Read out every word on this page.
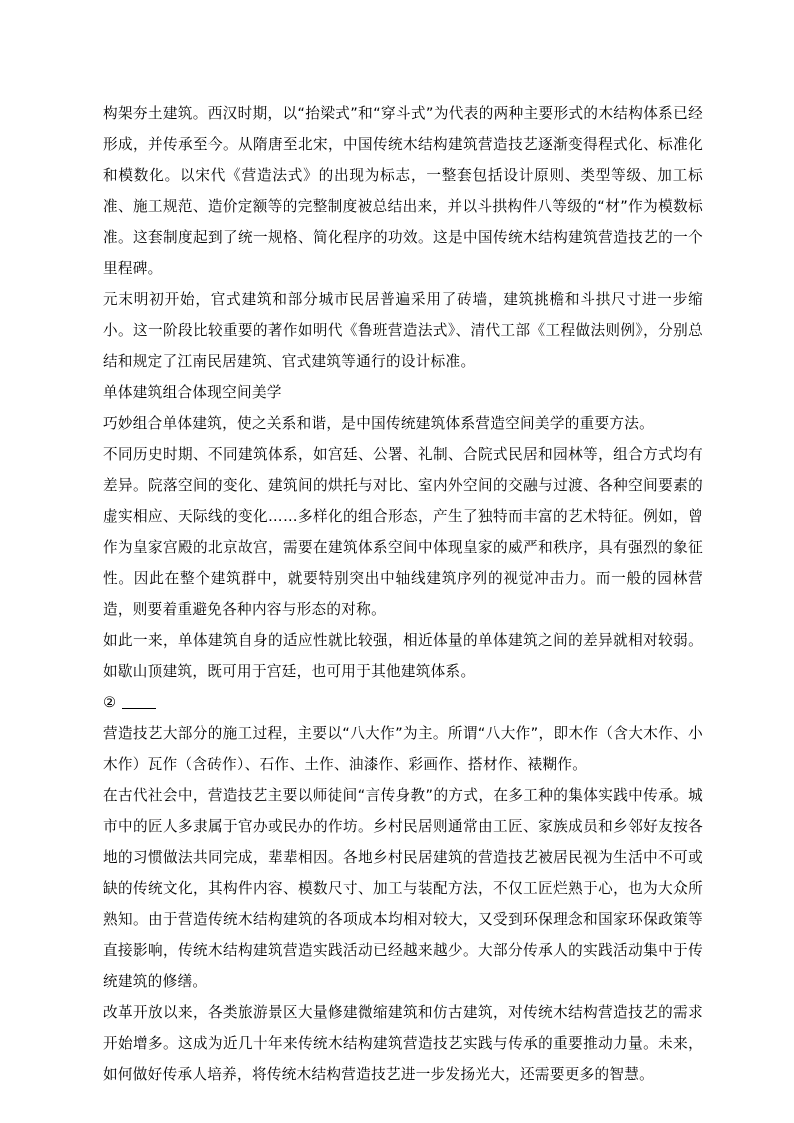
构架夯土建筑。西汉时期，以“抬梁式”和“穿斗式”为代表的两种主要形式的木结构体系已经形成，并传承至今。从隋唐至北宋，中国传统木结构建筑营造技艺逐渐变得程式化、标准化和模数化。以宋代《营造法式》的出现为标志，一整套包括设计原则、类型等级、加工标准、施工规范、造价定额等的完整制度被总结出来，并以斗拱构件八等级的“材”作为模数标准。这套制度起到了统一规格、简化程序的功效。这是中国传统木结构建筑营造技艺的一个里程碑。

元末明初开始，官式建筑和部分城市民居普遍采用了砖墙，建筑挑檐和斗拱尺寸进一步缩小。这一阶段比较重要的著作如明代《鲁班营造法式》、清代工部《工程做法则例》，分别总结和规定了江南民居建筑、官式建筑等通行的设计标准。

单体建筑组合体现空间美学

巧妙组合单体建筑，使之关系和谐，是中国传统建筑体系营造空间美学的重要方法。

不同历史时期、不同建筑体系，如宫廷、公署、礼制、合院式民居和园林等，组合方式均有差异。院落空间的变化、建筑间的烘托与对比、室内外空间的交融与过渡、各种空间要素的虚实相应、天际线的变化……多样化的组合形态，产生了独特而丰富的艺术特征。例如，曾作为皇家宫殿的北京故宫，需要在建筑体系空间中体现皇家的威严和秩序，具有强烈的象征性。因此在整个建筑群中，就要特别突出中轴线建筑序列的视觉冲击力。而一般的园林营造，则要着重避免各种内容与形态的对称。

如此一来，单体建筑自身的适应性就比较强，相近体量的单体建筑之间的差异就相对较弱。如歇山顶建筑，既可用于宫廷，也可用于其他建筑体系。

②

营造技艺大部分的施工过程，主要以“八大作”为主。所谓“八大作”，即木作（含大木作、小木作）瓦作（含砖作）、石作、土作、油漆作、彩画作、搭材作、裱糊作。

在古代社会中，营造技艺主要以师徒间“言传身教”的方式，在多工种的集体实践中传承。城市中的匠人多隶属于官办或民办的作坊。乡村民居则通常由工匠、家族成员和乡邻好友按各地的习惯做法共同完成，辈辈相因。各地乡村民居建筑的营造技艺被居民视为生活中不可或缺的传统文化，其构件内容、模数尺寸、加工与装配方法，不仅工匠烂熟于心，也为大众所熟知。由于营造传统木结构建筑的各项成本均相对较大，又受到环保理念和国家环保政策等直接影响，传统木结构建筑营造实践活动已经越来越少。大部分传承人的实践活动集中于传统建筑的修缮。

改革开放以来，各类旅游景区大量修建微缩建筑和仿古建筑，对传统木结构营造技艺的需求开始增多。这成为近几十年来传统木结构建筑营造技艺实践与传承的重要推动力量。未来，如何做好传承人培养，将传统木结构营造技艺进一步发扬光大，还需要更多的智慧。
